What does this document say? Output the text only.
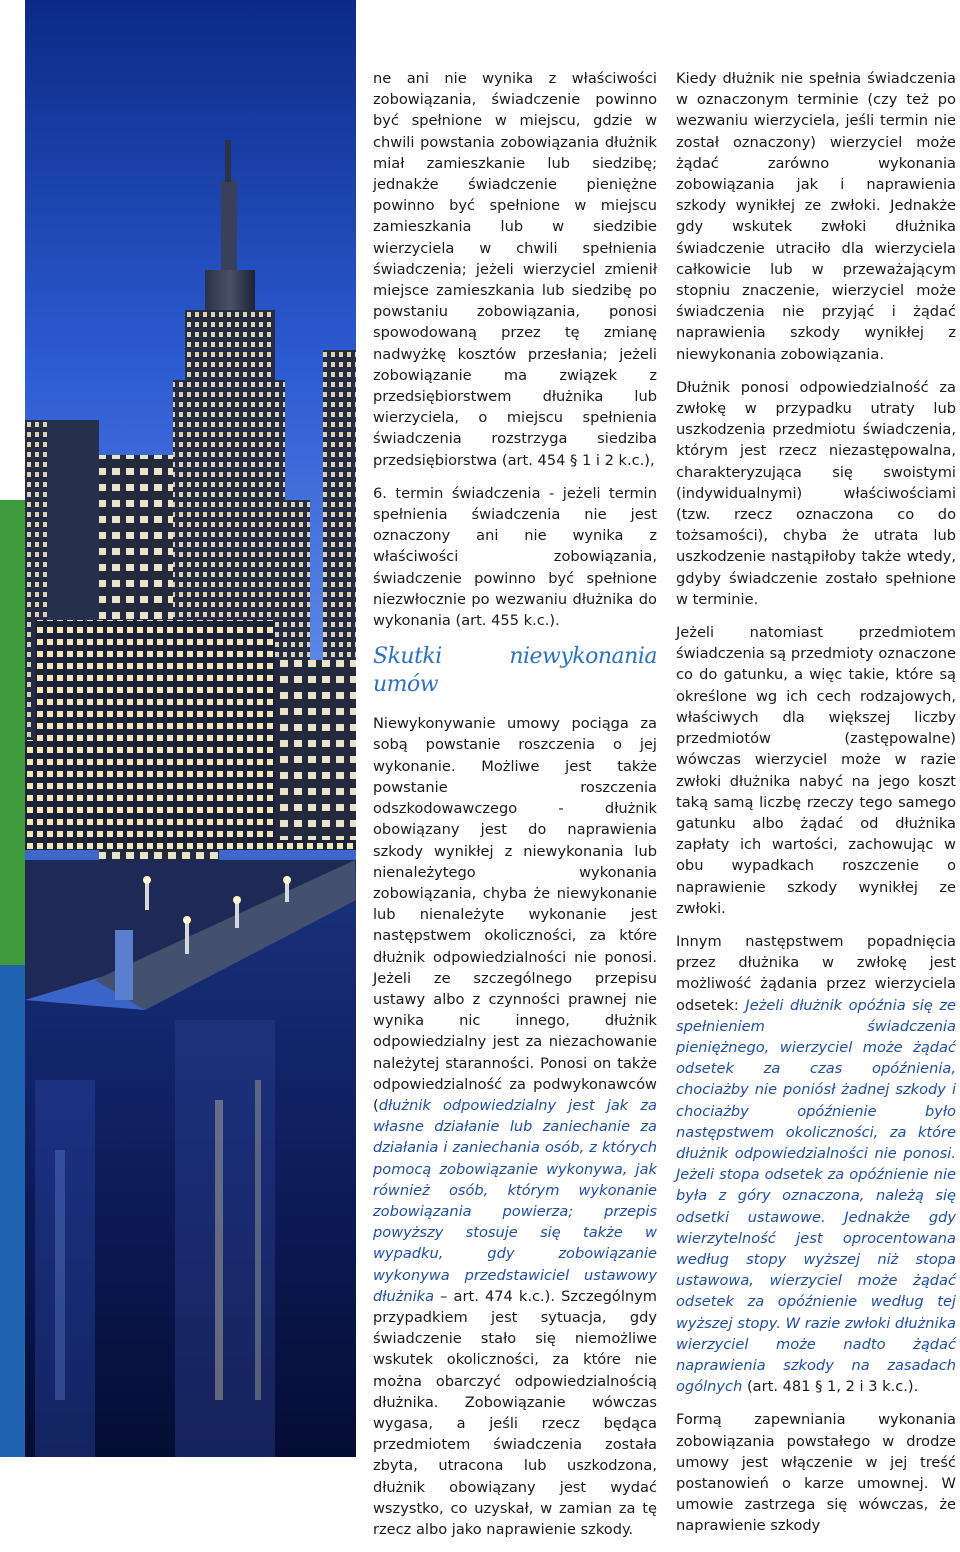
ne ani nie wynika z właściwości zobowiązania, świadczenie powinno być spełnione w miejscu, gdzie w chwili powstania zobowiązania dłużnik miał zamieszkanie lub siedzibę; jednakże świadczenie pieniężne powinno być spełnione w miejscu zamieszkania lub w siedzibie wierzyciela w chwili spełnienia świadczenia; jeżeli wierzyciel zmienił miejsce zamieszkania lub siedzibę po powstaniu zobowiązania, ponosi spowodowaną przez tę zmianę nadwyżkę kosztów przesłania; jeżeli zobowiązanie ma związek z przedsiębiorstwem dłużnika lub wierzyciela, o miejscu spełnienia świadczenia rozstrzyga siedziba przedsiębiorstwa (art. 454 § 1 i 2 k.c.),

6. termin świadczenia - jeżeli termin spełnienia świadczenia nie jest oznaczony ani nie wynika z właściwości zobowiązania, świadczenie powinno być spełnione niezwłocznie po wezwaniu dłużnika do wykonania (art. 455 k.c.).

Skutki niewykonania umów

Niewykonywanie umowy pociąga za sobą powstanie roszczenia o jej wykonanie. Możliwe jest także powstanie roszczenia odszkodowawczego - dłużnik obowiązany jest do naprawienia szkody wynikłej z niewykonania lub nienależytego wykonania zobowiązania, chyba że niewykonanie lub nienależyte wykonanie jest następstwem okoliczności, za które dłużnik odpowiedzialności nie ponosi. Jeżeli ze szczególnego przepisu ustawy albo z czynności prawnej nie wynika nic innego, dłużnik odpowiedzialny jest za niezachowanie należytej staranności. Ponosi on także odpowiedzialność za podwykonawców (dłużnik odpowiedzialny jest jak za własne działanie lub zaniechanie za działania i zaniechania osób, z których pomocą zobowiązanie wykonywa, jak również osób, którym wykonanie zobowiązania powierza; przepis powyższy stosuje się także w wypadku, gdy zobowiązanie wykonywa przedstawiciel ustawowy dłużnika – art. 474 k.c.). Szczególnym przypadkiem jest sytuacja, gdy świadczenie stało się niemożliwe wskutek okoliczności, za które nie można obarczyć odpowiedzialnością dłużnika. Zobowiązanie wówczas wygasa, a jeśli rzecz będąca przedmiotem świadczenia została zbyta, utracona lub uszkodzona, dłużnik obowiązany jest wydać wszystko, co uzyskał, w zamian za tę rzecz albo jako naprawienie szkody.

Kiedy dłużnik nie spełnia świadczenia w oznaczonym terminie (czy też po wezwaniu wierzyciela, jeśli termin nie został oznaczony) wierzyciel może żądać zarówno wykonania zobowiązania jak i naprawienia szkody wynikłej ze zwłoki. Jednakże gdy wskutek zwłoki dłużnika świadczenie utraciło dla wierzyciela całkowicie lub w przeważającym stopniu znaczenie, wierzyciel może świadczenia nie przyjąć i żądać naprawienia szkody wynikłej z niewykonania zobowiązania.

Dłużnik ponosi odpowiedzialność za zwłokę w przypadku utraty lub uszkodzenia przedmiotu świadczenia, którym jest rzecz niezastępowalna, charakteryzująca się swoistymi (indywidualnymi) właściwościami (tzw. rzecz oznaczona co do tożsamości), chyba że utrata lub uszkodzenie nastąpiłoby także wtedy, gdyby świadczenie zostało spełnione w terminie.

Jeżeli natomiast przedmiotem świadczenia są przedmioty oznaczone co do gatunku, a więc takie, które są określone wg ich cech rodzajowych, właściwych dla większej liczby przedmiotów (zastępowalne) wówczas wierzyciel może w razie zwłoki dłużnika nabyć na jego koszt taką samą liczbę rzeczy tego samego gatunku albo żądać od dłużnika zapłaty ich wartości, zachowując w obu wypadkach roszczenie o naprawienie szkody wynikłej ze zwłoki.

Innym następstwem popadnięcia przez dłużnika w zwłokę jest możliwość żądania przez wierzyciela odsetek: Jeżeli dłużnik opóźnia się ze spełnieniem świadczenia pieniężnego, wierzyciel może żądać odsetek za czas opóźnienia, chociażby nie poniósł żadnej szkody i chociażby opóźnienie było następstwem okoliczności, za które dłużnik odpowiedzialności nie ponosi. Jeżeli stopa odsetek za opóźnienie nie była z góry oznaczona, należą się odsetki ustawowe. Jednakże gdy wierzytelność jest oprocentowana według stopy wyższej niż stopa ustawowa, wierzyciel może żądać odsetek za opóźnienie według tej wyższej stopy. W razie zwłoki dłużnika wierzyciel może nadto żądać naprawienia szkody na zasadach ogólnych (art. 481 § 1, 2 i 3 k.c.).

Formą zapewniania wykonania zobowiązania powstałego w drodze umowy jest włączenie w jej treść postanowień o karze umownej. W umowie zastrzega się wówczas, że naprawienie szkody
